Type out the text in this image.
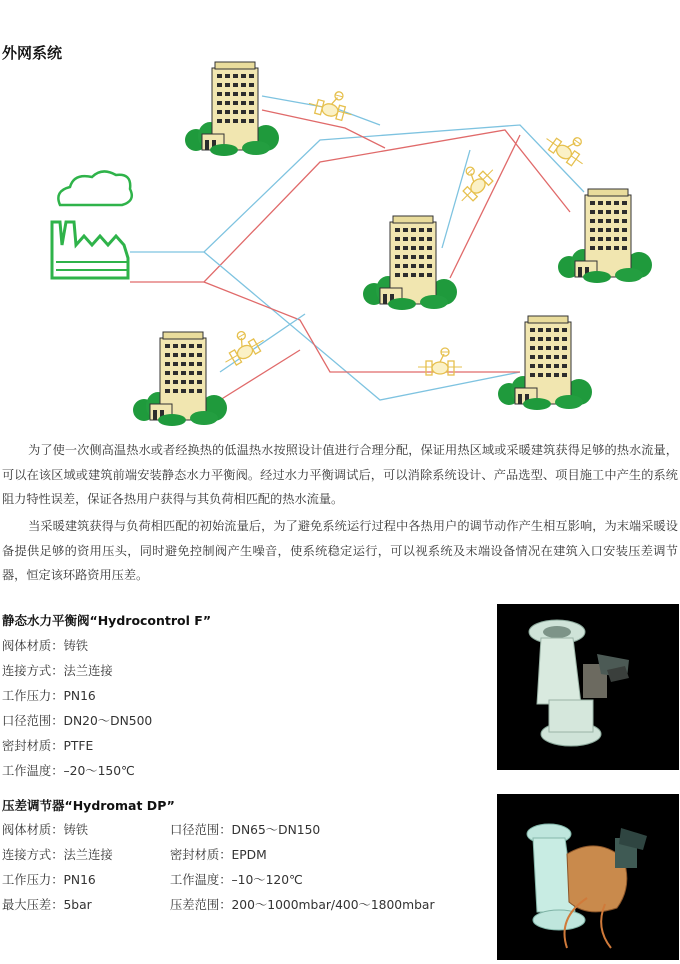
外网系统
为了使一次侧高温热水或者经换热的低温热水按照设计值进行合理分配，保证用热区域或采暖建筑获得足够的热水流量，可以在该区域或建筑前端安装静态水力平衡阀。经过水力平衡调试后，可以消除系统设计、产品选型、项目施工中产生的系统阻力特性误差，保证各热用户获得与其负荷相匹配的热水流量。
当采暖建筑获得与负荷相匹配的初始流量后，为了避免系统运行过程中各热用户的调节动作产生相互影响，为末端采暖设备提供足够的资用压头，同时避免控制阀产生噪音，使系统稳定运行，可以视系统及末端设备情况在建筑入口安装压差调节器，恒定该环路资用压差。
静态水力平衡阀“Hydrocontrol F”
阀体材质：铸铁
连接方式：法兰连接
工作压力：PN16
口径范围：DN20～DN500
密封材质：PTFE
工作温度：–20～150℃
压差调节器“Hydromat DP”
阀体材质：铸铁
连接方式：法兰连接
工作压力：PN16
最大压差：5bar
口径范围：DN65～DN150
密封材质：EPDM
工作温度：–10～120℃
压差范围：200～1000mbar/400～1800mbar
